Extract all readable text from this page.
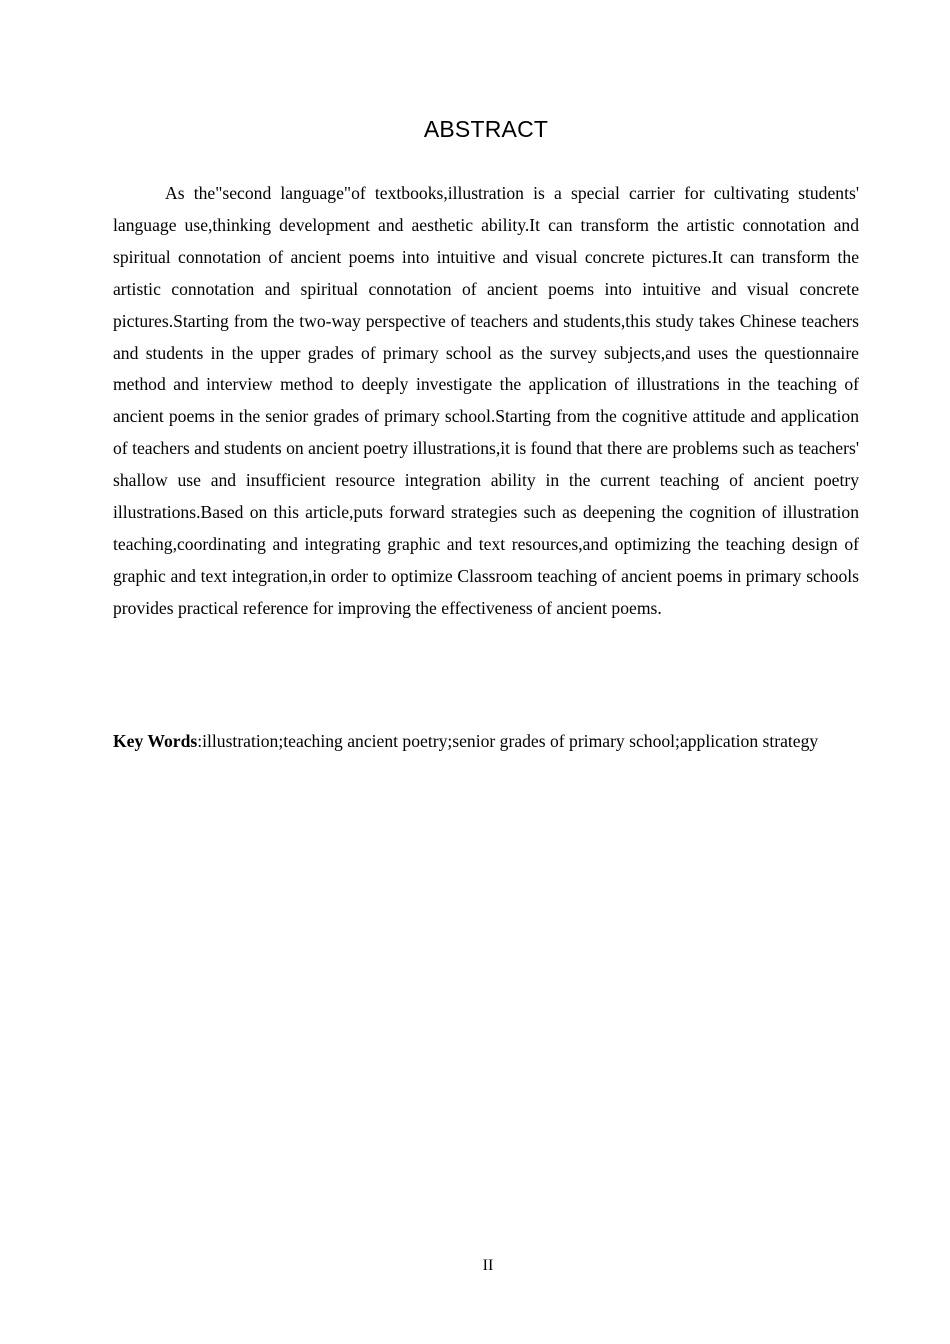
ABSTRACT

As the"second language"of textbooks,illustration is a special carrier for cultivating students' language use,thinking development and aesthetic ability.It can transform the artistic connotation and spiritual connotation of ancient poems into intuitive and visual concrete pictures.It can transform the artistic connotation and spiritual connotation of ancient poems into intuitive and visual concrete pictures.Starting from the two-way perspective of teachers and students,this study takes Chinese teachers and students in the upper grades of primary school as the survey subjects,and uses the questionnaire method and interview method to deeply investigate the application of illustrations in the teaching of ancient poems in the senior grades of primary school.Starting from the cognitive attitude and application of teachers and students on ancient poetry illustrations,it is found that there are problems such as teachers' shallow use and insufficient resource integration ability in the current teaching of ancient poetry illustrations.Based on this article,puts forward strategies such as deepening the cognition of illustration teaching,coordinating and integrating graphic and text resources,and optimizing the teaching design of graphic and text integration,in order to optimize Classroom teaching of ancient poems in primary schools provides practical reference for improving the effectiveness of ancient poems.

Key Words:illustration;teaching ancient poetry;senior grades of primary school;application strategy

II
